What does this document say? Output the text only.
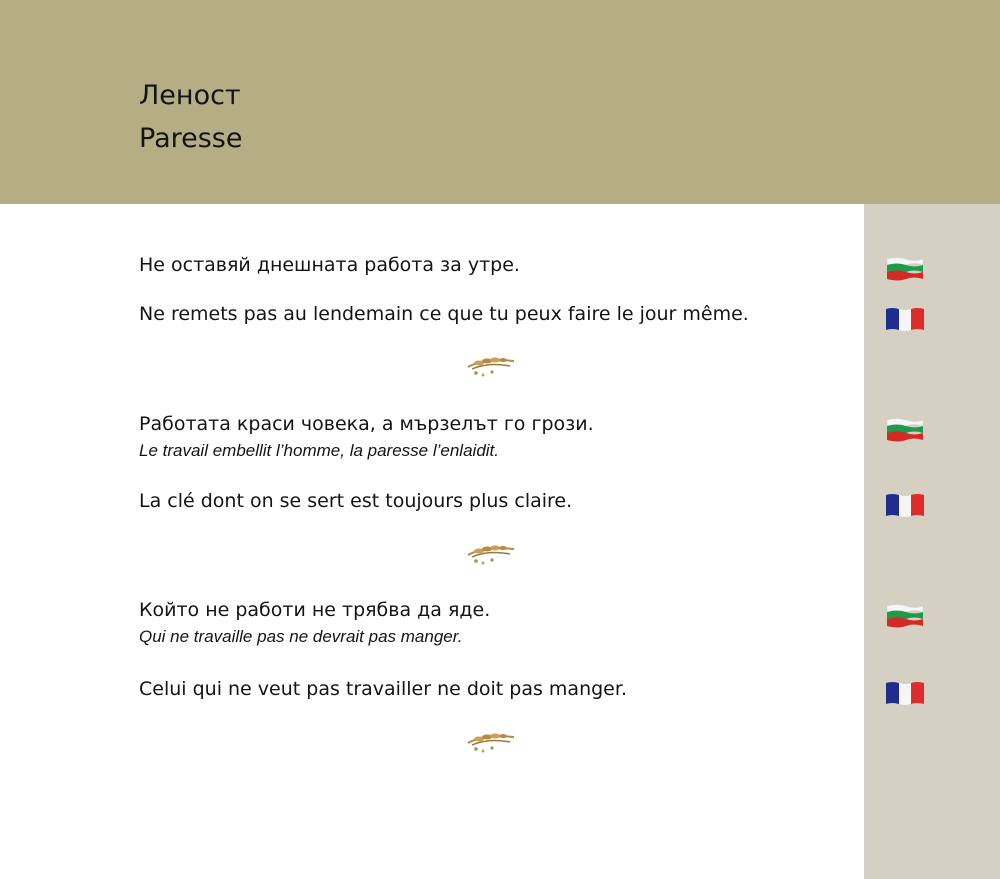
Леност
Paresse
Не оставяй днешната работа за утре.
Ne remets pas au lendemain ce que tu peux faire le jour même.
Работата краси човека, а мързелът го грози.
Le travail embellit l’homme, la paresse l’enlaidit.
La clé dont on se sert est toujours plus claire.
Който не работи не трябва да яде.
Qui ne travaille pas ne devrait pas manger.
Celui qui ne veut pas travailler ne doit pas manger.
